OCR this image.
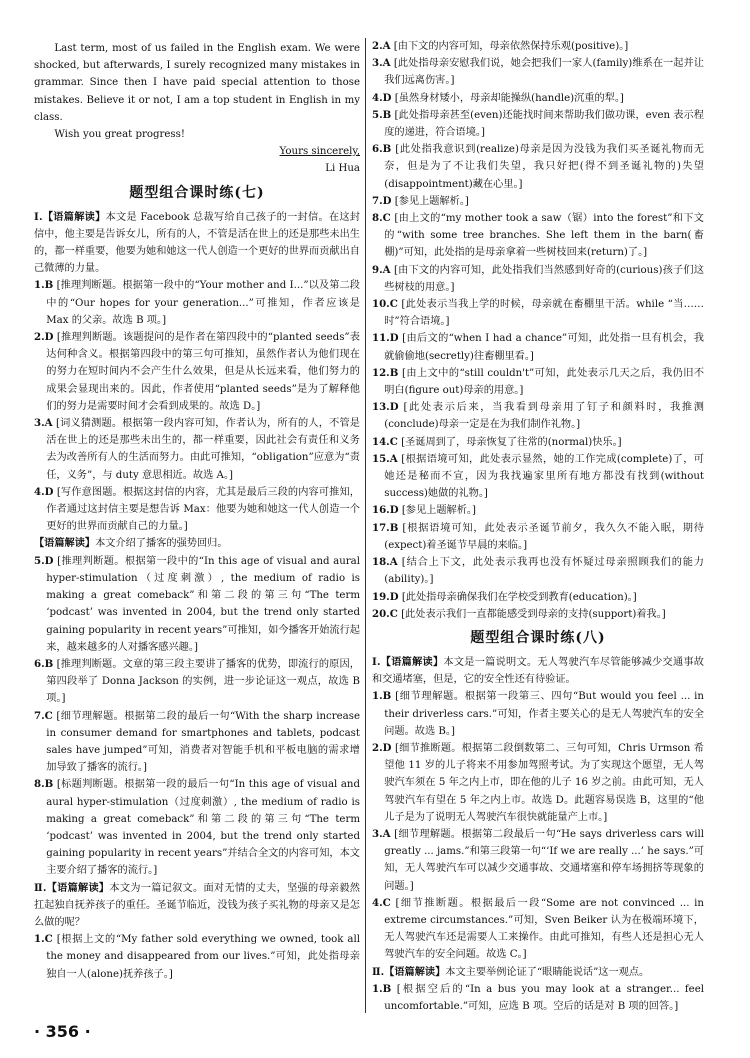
Last term, most of us failed in the English exam. We were shocked, but afterwards, I surely recognized many mistakes in grammar. Since then I have paid special attention to those mistakes. Believe it or not, I am a top student in English in my class.

Wish you great progress!

Yours sincerely,
Li Hua
题型组合课时练(七)

Ⅰ.【语篇解读】本文是 Facebook 总裁写给自己孩子的一封信。在这封信中，他主要是告诉女儿，所有的人，不管是活在世上的还是那些未出生的，都一样重要，他要为她和她这一代人创造一个更好的世界而贡献出自己微薄的力量。

1.B [推理判断题。根据第一段中的“Your mother and I...”以及第二段中的“Our hopes for your generation...”可推知，作者应该是 Max 的父亲。故选 B 项。]

2.D [推理判断题。该题提问的是作者在第四段中的“planted seeds”表达何种含义。根据第四段中的第三句可推知，虽然作者认为他们现在的努力在短时间内不会产生什么效果，但是从长远来看，他们努力的成果会显现出来的。因此，作者使用“planted seeds”是为了解释他们的努力是需要时间才会看到成果的。故选 D。]

3.A [词义猜测题。根据第一段内容可知，作者认为，所有的人，不管是活在世上的还是那些未出生的，都一样重要，因此社会有责任和义务去为改善所有人的生活而努力。由此可推知，“obligation”应意为“责任，义务”，与 duty 意思相近。故选 A。]

4.D [写作意图题。根据这封信的内容，尤其是最后三段的内容可推知，作者通过这封信主要是想告诉 Max：他要为她和她这一代人创造一个更好的世界而贡献自己的力量。]

【语篇解读】本文介绍了播客的强势回归。

5.D [推理判断题。根据第一段中的“In this age of visual and aural hyper-stimulation（过度刺激）, the medium of radio is making a great comeback”和第二段的第三句“The term ‘podcast’ was invented in 2004, but the trend only started gaining popularity in recent years”可推知，如今播客开始流行起来，越来越多的人对播客感兴趣。]

6.B [推理判断题。文章的第三段主要讲了播客的优势，即流行的原因，第四段举了 Donna Jackson 的实例，进一步论证这一观点，故选 B 项。]

7.C [细节理解题。根据第二段的最后一句“With the sharp increase in consumer demand for smartphones and tablets, podcast sales have jumped”可知，消费者对智能手机和平板电脑的需求增加导致了播客的流行。]

8.B [标题判断题。根据第一段的最后一句“In this age of visual and aural hyper-stimulation（过度刺激）, the medium of radio is making a great comeback”和第二段的第三句“The term ‘podcast’ was invented in 2004, but the trend only started gaining popularity in recent years”并结合全文的内容可知，本文主要介绍了播客的流行。]

Ⅱ.【语篇解读】本文为一篇记叙文。面对无情的丈夫，坚强的母亲毅然扛起独自抚养孩子的重任。圣诞节临近，没钱为孩子买礼物的母亲又是怎么做的呢？

1.C [根据上文的“My father sold everything we owned, took all the money and disappeared from our lives.”可知，此处指母亲独自一人(alone)抚养孩子。]

2.A [由下文的内容可知，母亲依然保持乐观(positive)。]

3.A [此处指母亲安慰我们说，她会把我们一家人(family)维系在一起并让我们远离伤害。]

4.D [虽然身材矮小，母亲却能操纵(handle)沉重的犁。]

5.B [此处指母亲甚至(even)还能找时间来帮助我们做功课，even 表示程度的递进，符合语境。]

6.B [此处指我意识到(realize)母亲是因为没钱为我们买圣诞礼物而无奈，但是为了不让我们失望，我只好把(得不到圣诞礼物的)失望(disappointment)藏在心里。]

7.D [参见上题解析。]

8.C [由上文的“my mother took a saw（锯）into the forest”和下文的“with some tree branches. She left them in the barn(畜棚)”可知，此处指的是母亲拿着一些树枝回来(return)了。]

9.A [由下文的内容可知，此处指我们当然感到好奇的(curious)孩子们这些树枝的用意。]

10.C [此处表示当我上学的时候，母亲就在畜棚里干活。while “当……时”符合语境。]

11.D [由后文的“when I had a chance”可知，此处指一旦有机会，我就偷偷地(secretly)往畜棚里看。]

12.B [由上文中的“still couldn't”可知，此处表示几天之后，我仍旧不明白(figure out)母亲的用意。]

13.D [此处表示后来，当我看到母亲用了钉子和颜料时，我推测(conclude)母亲一定是在为我们制作礼物。]

14.C [圣诞周到了，母亲恢复了往常的(normal)快乐。]

15.A [根据语境可知，此处表示显然，她的工作完成(complete)了，可她还是秘而不宣，因为我找遍家里所有地方都没有找到(without success)她做的礼物。]

16.D [参见上题解析。]

17.B [根据语境可知，此处表示圣诞节前夕，我久久不能入眠，期待(expect)着圣诞节早晨的来临。]

18.A [结合上下文，此处表示我再也没有怀疑过母亲照顾我们的能力(ability)。]

19.D [此处指母亲确保我们在学校受到教育(education)。]

20.C [此处表示我们一直都能感受到母亲的支持(support)着我。]

题型组合课时练(八)

Ⅰ.【语篇解读】本文是一篇说明文。无人驾驶汽车尽管能够减少交通事故和交通堵塞，但是，它的安全性还有待验证。

1.B [细节理解题。根据第一段第三、四句“But would you feel ... in their driverless cars.”可知，作者主要关心的是无人驾驶汽车的安全问题。故选 B。]

2.D [细节推断题。根据第二段倒数第二、三句可知，Chris Urmson 希望他 11 岁的儿子将来不用参加驾照考试。为了实现这个愿望，无人驾驶汽车须在 5 年之内上市，即在他的儿子 16 岁之前。由此可知，无人驾驶汽车有望在 5 年之内上市。故选 D。此题容易误选 B，这里的“他儿子是为了说明无人驾驶汽车很快就能量产上市。]

3.A [细节理解题。根据第二段最后一句“He says driverless cars will greatly ... jams.”和第三段第一句“‘If we are really ...’ he says.”可知，无人驾驶汽车可以减少交通事故、交通堵塞和停车场拥挤等现象的问题。]

4.C [细节推断题。根据最后一段“Some are not convinced ... in extreme circumstances.”可知，Sven Beiker 认为在极端环境下，无人驾驶汽车还是需要人工来操作。由此可推知，有些人还是担心无人驾驶汽车的安全问题。故选 C。]

Ⅱ.【语篇解读】本文主要举例论证了“眼睛能说话”这一观点。

1.B [根据空后的“In a bus you may look at a stranger... feel uncomfortable.”可知，应选 B 项。空后的话是对 B 项的回答。]

· 356 ·
